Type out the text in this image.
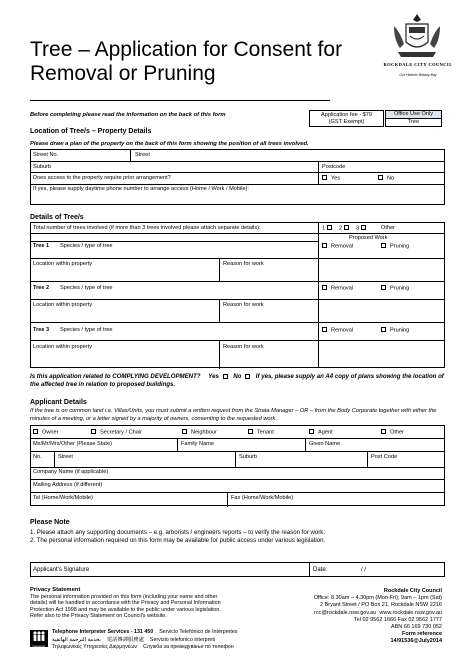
Tree – Application for Consent for Removal or Pruning	ROCKDALE CITY COUNCIL
Our Historic Botany Bay
Before completing please read the information on the back of this form	Application fee - $79
(GST Exempt)
Office Use Only
Tree
Location of Tree/s – Property Details
Please draw a plan of the property on the back of this form showing the position of all trees involved.
Street No.	Street
Suburb	Postcode
Does access to the property require prior arrangement?	Yes	No
If yes, please supply daytime phone number to arrange access (Home / Work / Mobile):
Details of Tree/s
Total number of trees involved (if more than 3 trees involved please attach separate details):	1	2	3	Other
Proposed Work
Tree 1 Species / type of tree	Removal	Pruning
Location within property	Reason for work
Tree 2 Species / type of tree	Removal	Pruning
Location within property	Reason for work
Tree 3 Species / type of tree	Removal	Pruning
Location within property	Reason for work
Is this application related to COMPLYING DEVELOPMENT? Yes No If yes, please supply an A4 copy of plans showing the location of the affected tree in relation to proposed buildings.
Applicant Details
If the tree is on common land i.e. Villas/Units, you must submit a written request from the Strata Manager – OR – from the Body Corporate together with either the minutes of a meeting, or a letter signed by a majority of owners, consenting to the requested work.
Owner	Secretary / Chair	Neighbour	Tenant	Agent	Other
Ms/Mr/Mrs/Other (Please State)	Family Name	Given Name
No.	Street	Suburb	Post Code
Company Name (if applicable)
Mailing Address (if different)
Tel (Home/Work/Mobile)	Fax (Home/Work/Mobile)
Please Note
1. Please attach any supporting documents – e.g. arborists / engineers reports – to verify the reason for work.
2. The personal information required on this form may be available for public access under various legislation.
Applicant's Signature	Date:	/ /
Privacy Statement
The personal information provided on this form (including your name and other
details) will be handled in accordance with the Privacy and Personal Information
Protection Act 1998 and may be available to the public under various legislation.
Refer also to the Privacy Statement on Council's website.
Rockdale City Council
Office: 8.30am – 4.30pm (Mon-Fri); 9am – 1pm (Sat)
2 Bryant Street / PO Box 21, Rockdale NSW 2216
rcc@rockdale.nsw.gov.au www.rockdale.nsw.gov.au
Tel 02 9562 1666 Fax 02 9562 1777
ABN 66 169 730 052
Form reference
14/91536@July2014
interpreter
Telephone Interpreter Services - 131 450 Servicio Telefónico de Intérpretes
بخدمة الترجمة الهاتفية 電話傳譯服務處 Servizio telefonico interpreti
Τηλεφωνικές Υπηρεσίες Διερμηνέων Служба за преведување по телефон
